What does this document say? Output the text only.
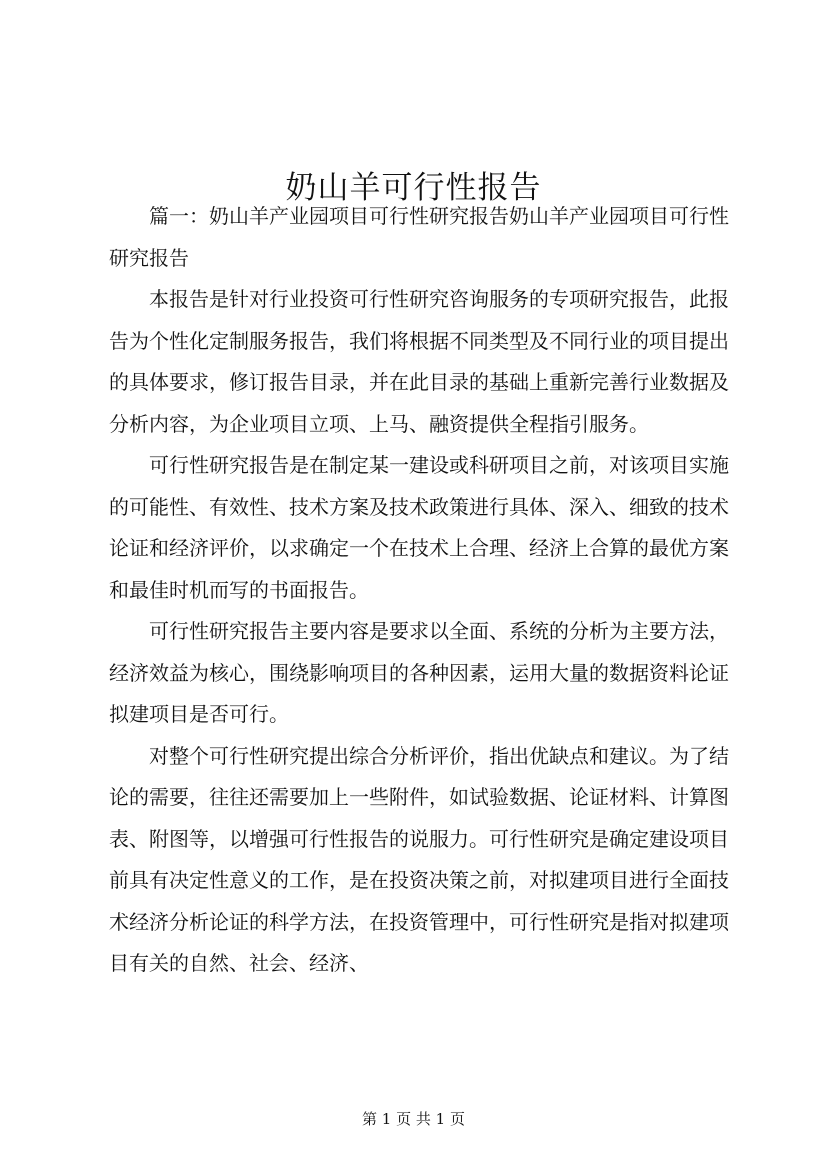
奶山羊可行性报告

篇一：奶山羊产业园项目可行性研究报告奶山羊产业园项目可行性研究报告

本报告是针对行业投资可行性研究咨询服务的专项研究报告，此报告为个性化定制服务报告，我们将根据不同类型及不同行业的项目提出的具体要求，修订报告目录，并在此目录的基础上重新完善行业数据及分析内容，为企业项目立项、上马、融资提供全程指引服务。

可行性研究报告是在制定某一建设或科研项目之前，对该项目实施的可能性、有效性、技术方案及技术政策进行具体、深入、细致的技术论证和经济评价，以求确定一个在技术上合理、经济上合算的最优方案和最佳时机而写的书面报告。

可行性研究报告主要内容是要求以全面、系统的分析为主要方法，经济效益为核心，围绕影响项目的各种因素，运用大量的数据资料论证拟建项目是否可行。

对整个可行性研究提出综合分析评价，指出优缺点和建议。为了结论的需要，往往还需要加上一些附件，如试验数据、论证材料、计算图表、附图等，以增强可行性报告的说服力。可行性研究是确定建设项目前具有决定性意义的工作，是在投资决策之前，对拟建项目进行全面技术经济分析论证的科学方法，在投资管理中，可行性研究是指对拟建项目有关的自然、社会、经济、

第 1 页 共 1 页
